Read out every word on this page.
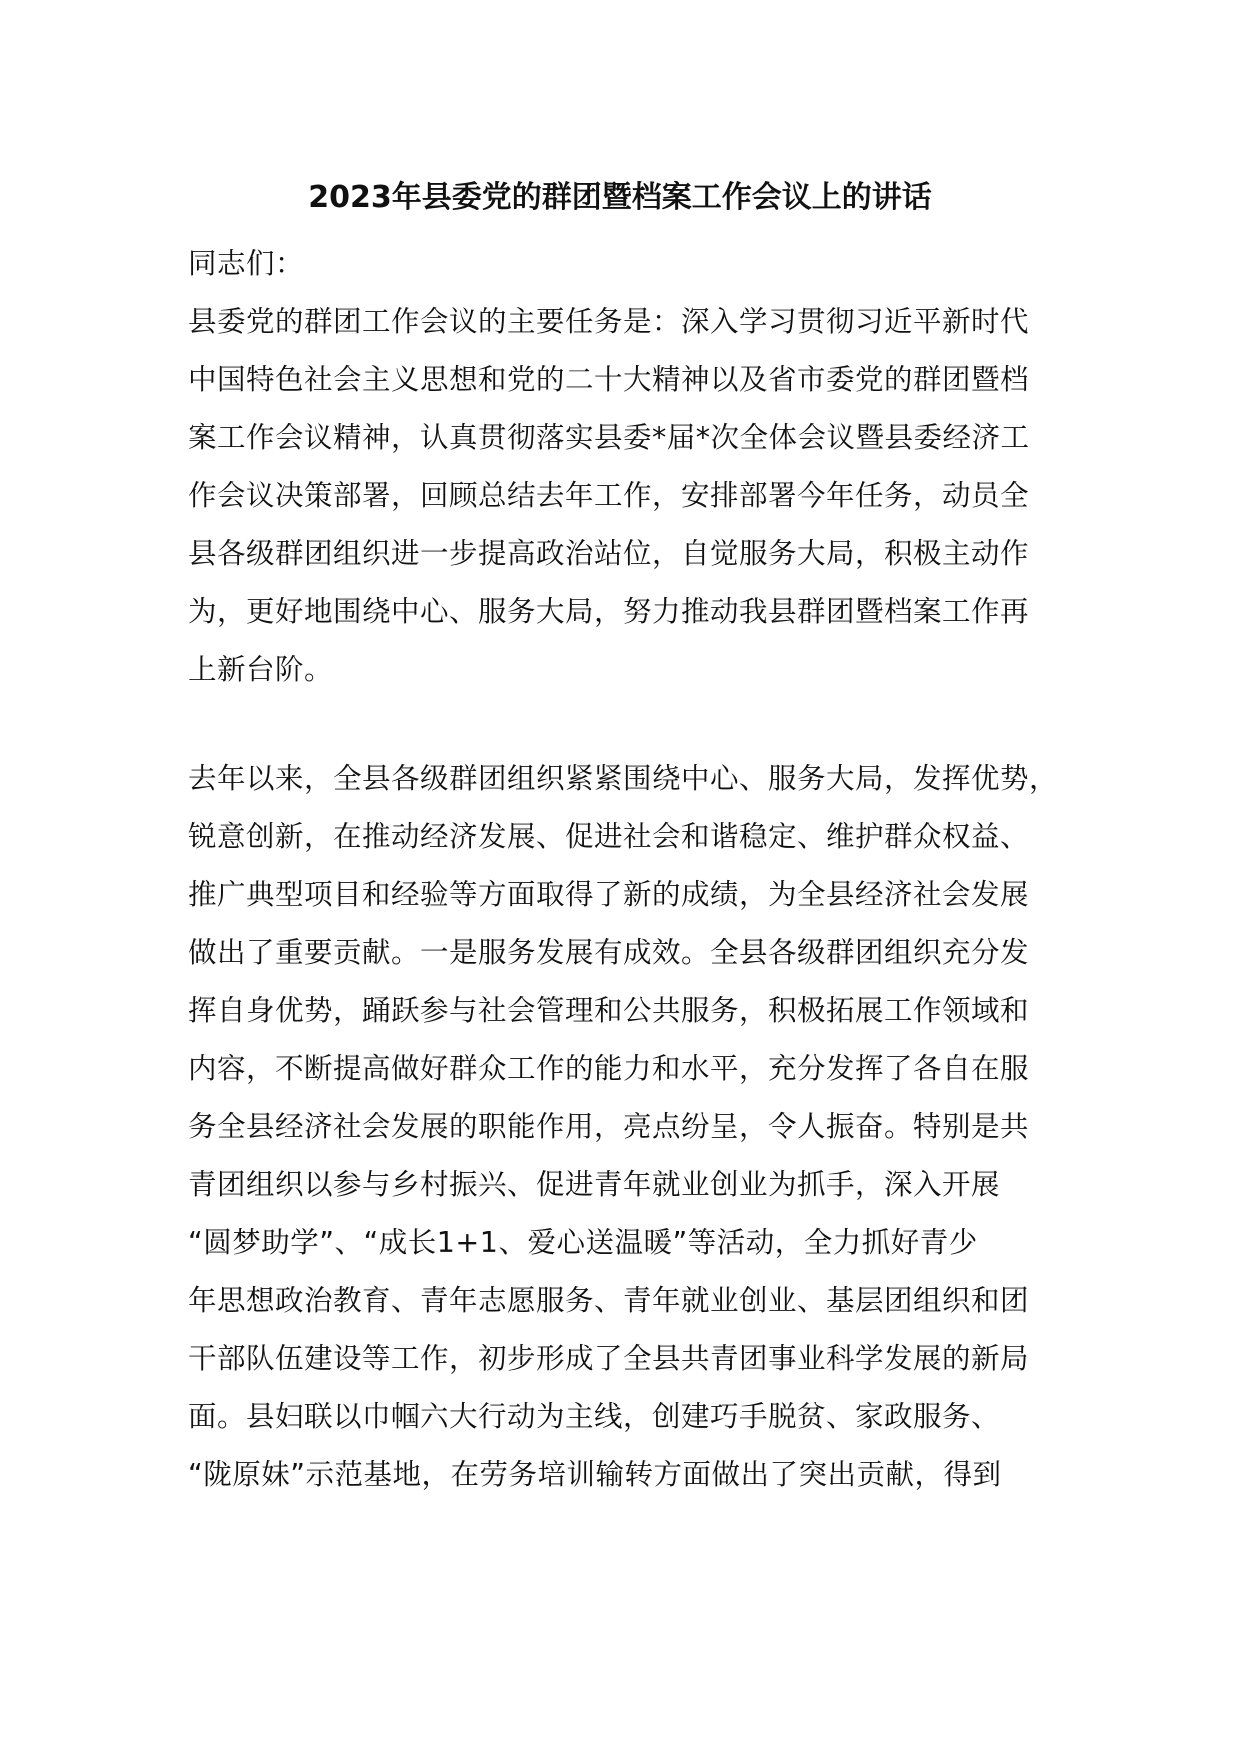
2023年县委党的群团暨档案工作会议上的讲话
同志们：
县委党的群团工作会议的主要任务是：深入学习贯彻习近平新时代
中国特色社会主义思想和党的二十大精神以及省市委党的群团暨档
案工作会议精神，认真贯彻落实县委*届*次全体会议暨县委经济工
作会议决策部署，回顾总结去年工作，安排部署今年任务，动员全
县各级群团组织进一步提高政治站位，自觉服务大局，积极主动作
为，更好地围绕中心、服务大局，努力推动我县群团暨档案工作再
上新台阶。
去年以来，全县各级群团组织紧紧围绕中心、服务大局，发挥优势，
锐意创新，在推动经济发展、促进社会和谐稳定、维护群众权益、
推广典型项目和经验等方面取得了新的成绩，为全县经济社会发展
做出了重要贡献。一是服务发展有成效。全县各级群团组织充分发
挥自身优势，踊跃参与社会管理和公共服务，积极拓展工作领域和
内容，不断提高做好群众工作的能力和水平，充分发挥了各自在服
务全县经济社会发展的职能作用，亮点纷呈，令人振奋。特别是共
青团组织以参与乡村振兴、促进青年就业创业为抓手，深入开展
“圆梦助学”、“成长1+1、爱心送温暖”等活动，全力抓好青少
年思想政治教育、青年志愿服务、青年就业创业、基层团组织和团
干部队伍建设等工作，初步形成了全县共青团事业科学发展的新局
面。县妇联以巾帼六大行动为主线，创建巧手脱贫、家政服务、
“陇原妹”示范基地，在劳务培训输转方面做出了突出贡献，得到
